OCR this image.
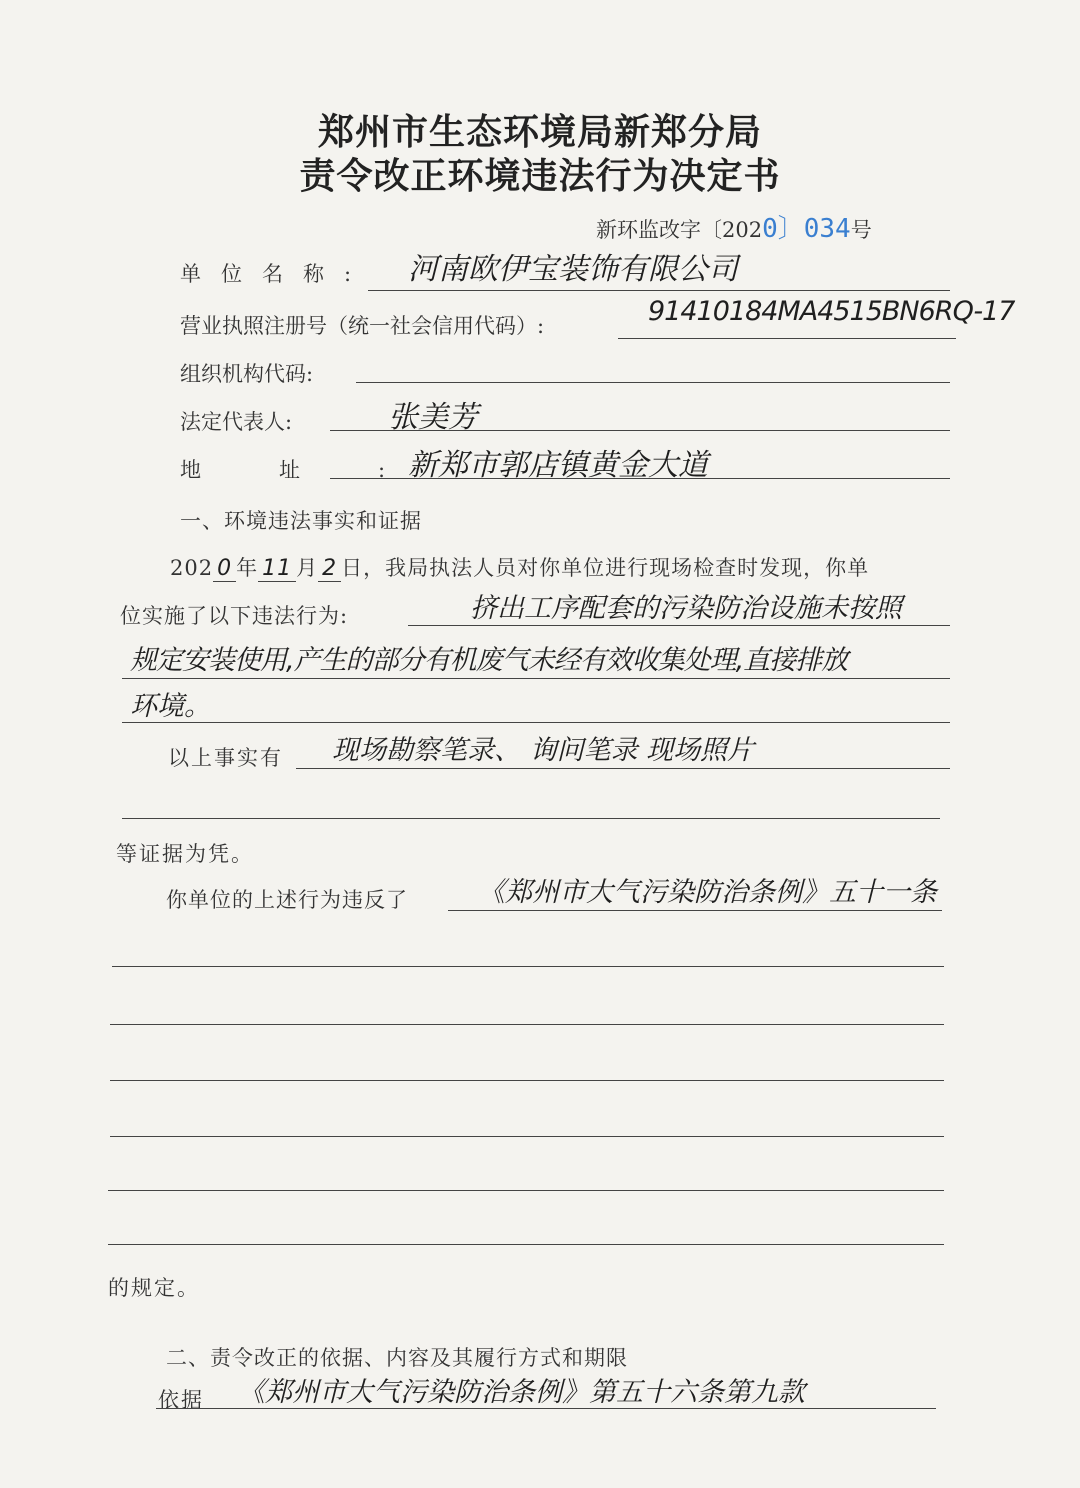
郑州市生态环境局新郑分局
责令改正环境违法行为决定书
新环监改字〔2020〕034号
单位名称: 河南欧伊宝装饰有限公司
营业执照注册号（统一社会信用代码）:	91410184MA4515BN6RQ-17
组织机构代码:
法定代表人:	张美芳
地址:
新郑市郭店镇黄金大道
一、环境违法事实和证据
202 0 年 11 月 2 日，我局执法人员对你单位进行现场检查时发现，你单
位实施了以下违法行为:	挤出工序配套的污染防治设施未按照
规定安装使用,产生的部分有机废气未经有效收集处理,直接排放
环境。
以上事实有 现场勘察笔录、 询问笔录 现场照片
等证据为凭。
你单位的上述行为违反了	《郑州市大气污染防治条例》五十一条
的规定。
二、责令改正的依据、内容及其履行方式和期限
依据 《郑州市大气污染防治条例》第五十六条第九款
